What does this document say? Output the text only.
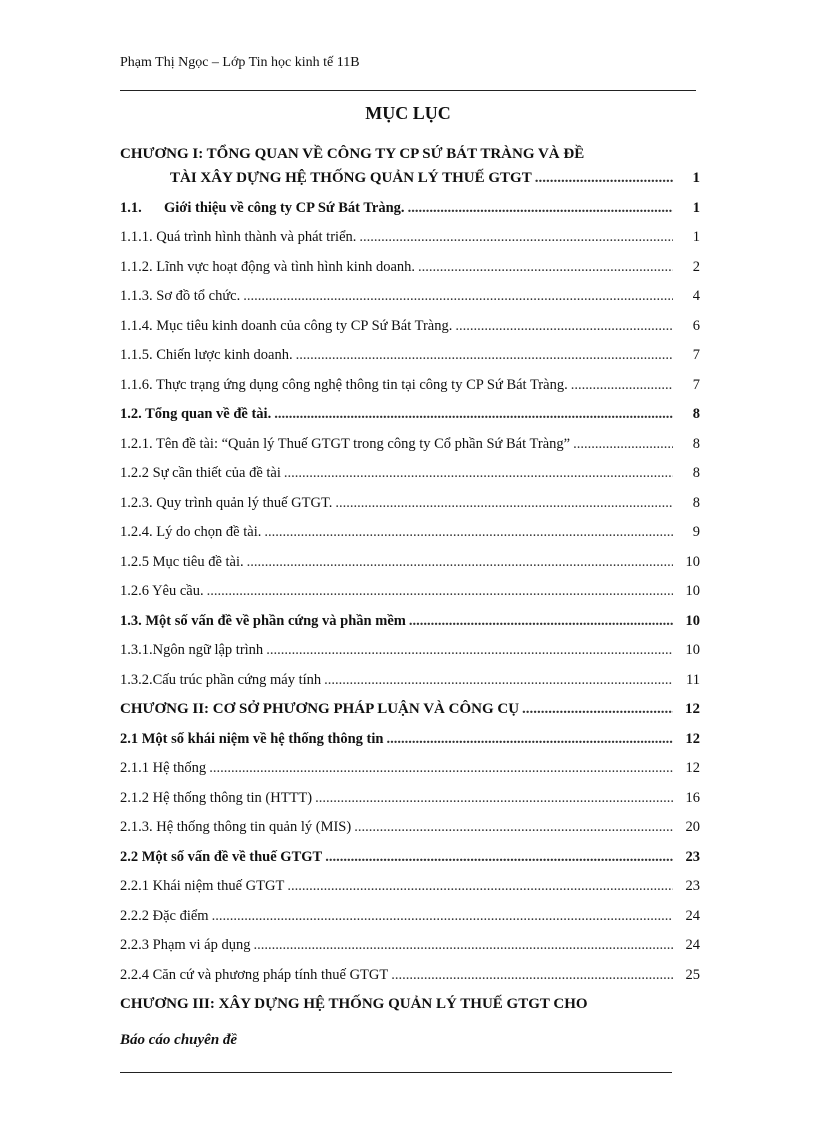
Phạm Thị Ngọc – Lớp Tin học kinh tế 11B
MỤC LỤC
CHƯƠNG I: TỔNG QUAN VỀ CÔNG TY CP SỨ BÁT TRÀNG VÀ ĐỀ
TÀI XÂY DỰNG HỆ THỐNG QUẢN LÝ THUẾ GTGT .....	1
1.1. Giới thiệu về công ty CP Sứ Bát Tràng. .....	1
1.1.1. Quá trình hình thành và phát triển. .....	1
1.1.2. Lĩnh vực hoạt động và tình hình kinh doanh. .....	2
1.1.3. Sơ đồ tổ chức. .....	4
1.1.4. Mục tiêu kinh doanh của công ty CP Sứ Bát Tràng. .....	6
1.1.5. Chiến lược kinh doanh. .....	7
1.1.6. Thực trạng ứng dụng công nghệ thông tin tại công ty CP Sứ Bát Tràng. .....	7
1.2. Tổng quan về đề tài. .....	8
1.2.1. Tên đề tài: “Quản lý Thuế GTGT trong công ty Cổ phần Sứ Bát Tràng” .....	8
1.2.2 Sự cần thiết của đề tài .....	8
1.2.3. Quy trình quản lý thuế GTGT. .....	8
1.2.4. Lý do chọn đề tài. .....	9
1.2.5 Mục tiêu đề tài. .....	10
1.2.6 Yêu cầu. .....	10
1.3. Một số vấn đề về phần cứng và phần mềm .....	10
1.3.1.Ngôn ngữ lập trình .....	10
1.3.2.Cấu trúc phần cứng máy tính .....	11
CHƯƠNG II: CƠ SỞ PHƯƠNG PHÁP LUẬN VÀ CÔNG CỤ .....	12
2.1 Một số khái niệm về hệ thống thông tin .....	12
2.1.1 Hệ thống .....	12
2.1.2 Hệ thống thông tin (HTTT) .....	16
2.1.3. Hệ thống thông tin quản lý (MIS) .....	20
2.2 Một số vấn đề về thuế GTGT .....	23
2.2.1 Khái niệm thuế GTGT .....	23
2.2.2 Đặc điểm .....	24
2.2.3 Phạm vi áp dụng .....	24
2.2.4 Căn cứ và phương pháp tính thuế GTGT .....	25
CHƯƠNG III: XÂY DỰNG HỆ THỐNG QUẢN LÝ THUẾ GTGT CHO
Báo cáo chuyên đề
